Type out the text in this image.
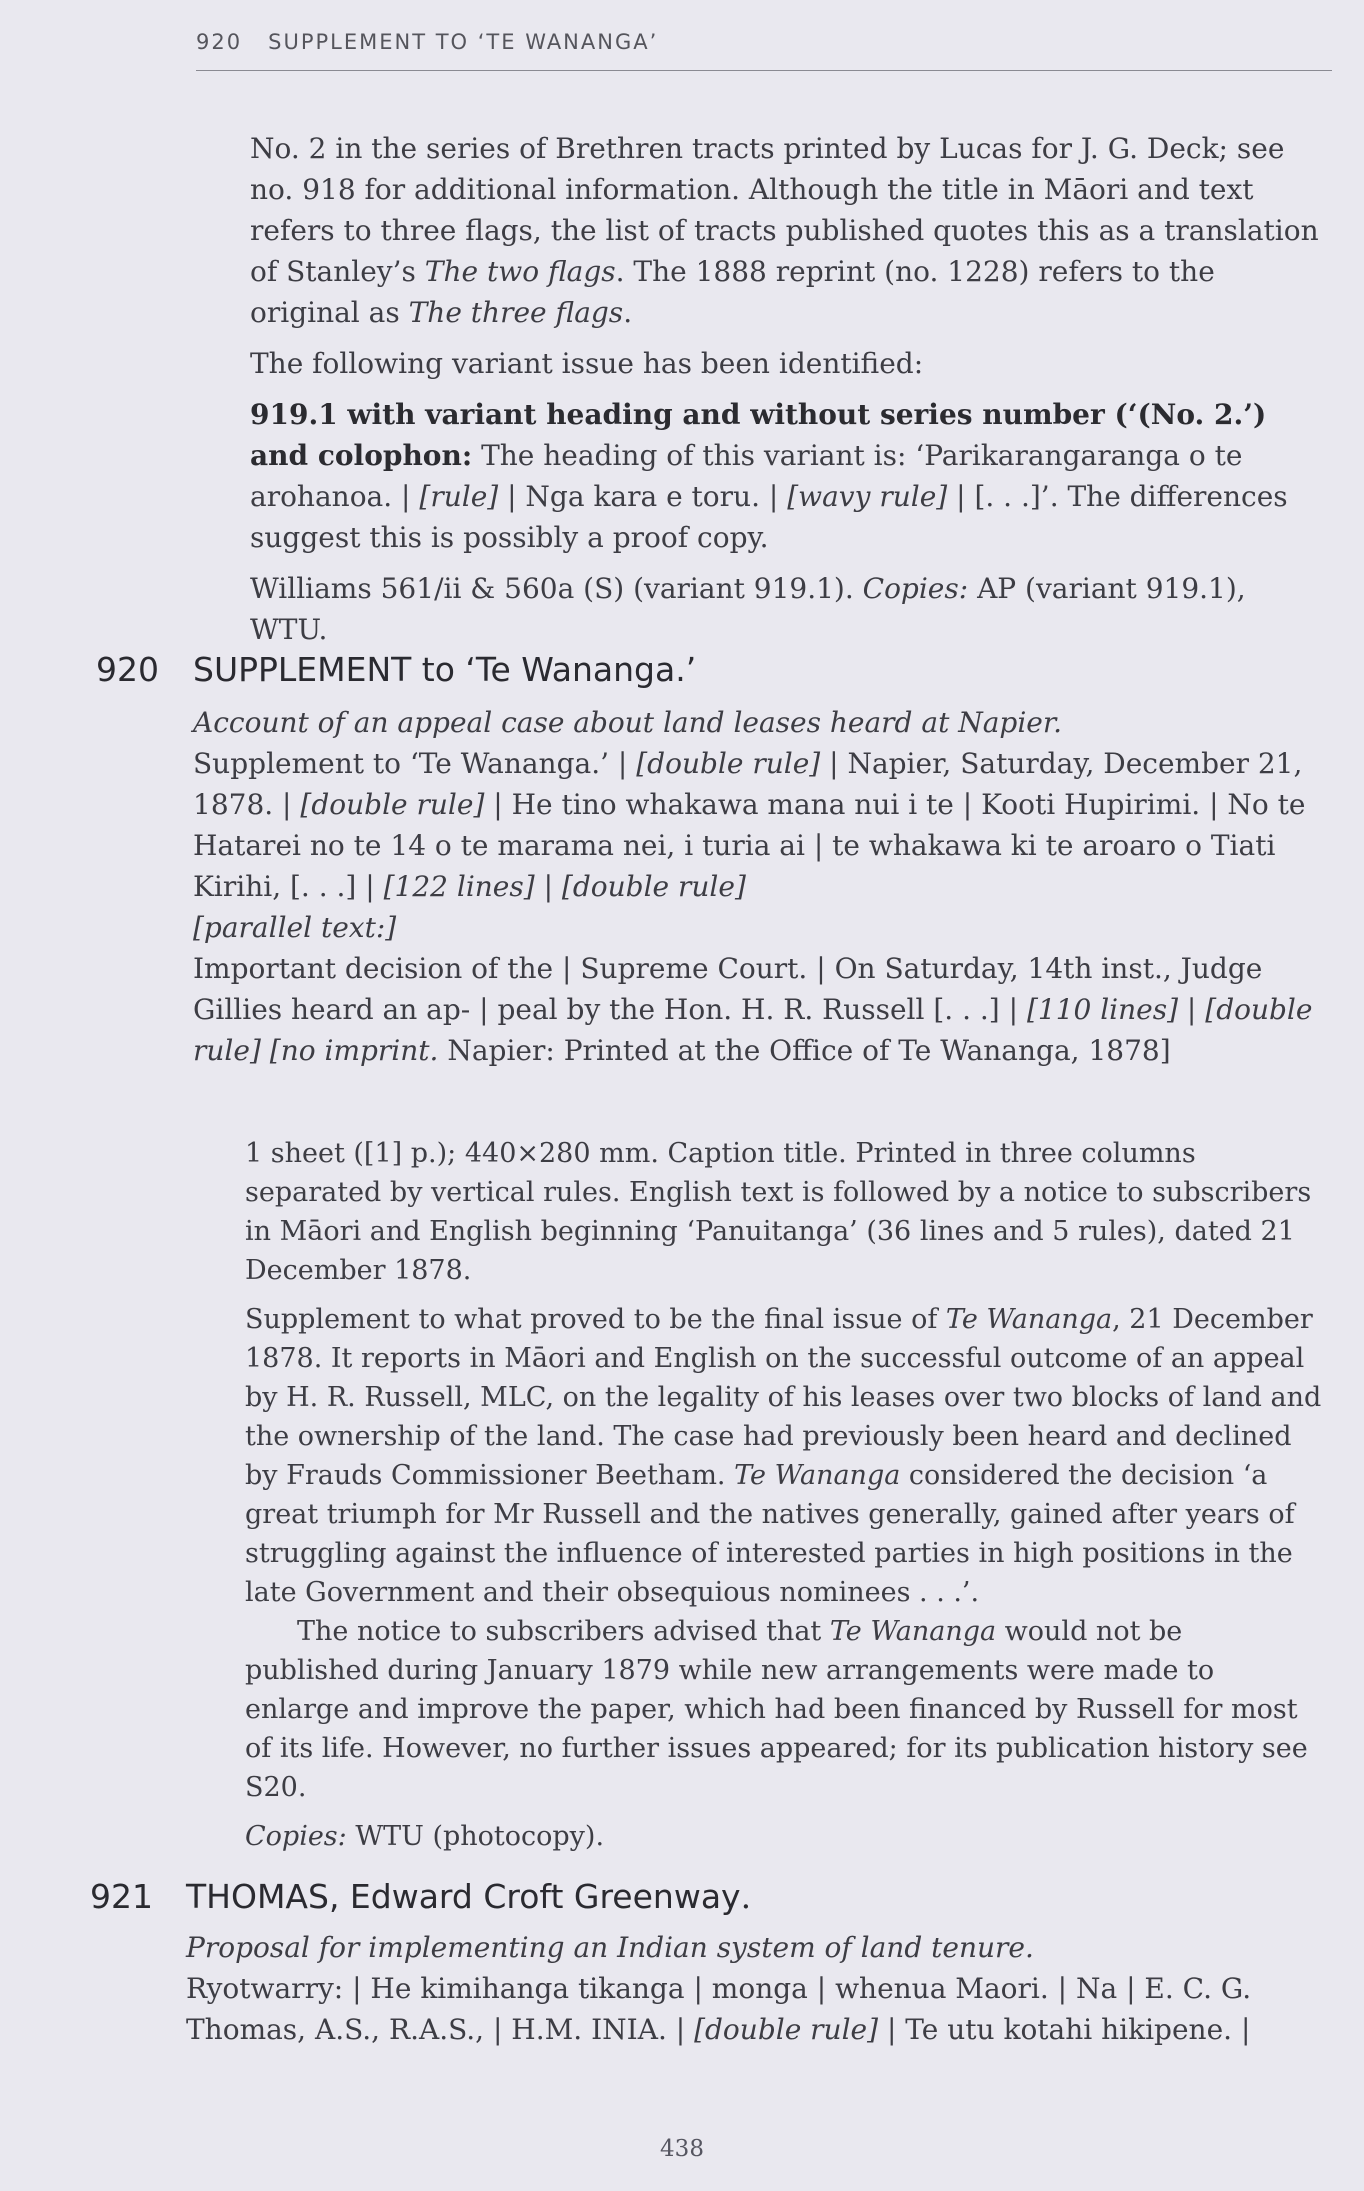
920 SUPPLEMENT TO ‘TE WANANGA’

No. 2 in the series of Brethren tracts printed by Lucas for J. G. Deck; see no. 918 for additional information. Although the title in Māori and text refers to three flags, the list of tracts published quotes this as a translation of Stanley’s The two flags. The 1888 reprint (no. 1228) refers to the original as The three flags.

The following variant issue has been identified:

919.1 with variant heading and without series number (‘(No. 2.’) and colophon: The heading of this variant is: ‘Parikarangaranga o te arohanoa. | [rule] | Nga kara e toru. | [wavy rule] | [. . .]’. The differences suggest this is possibly a proof copy.

Williams 561/ii & 560a (S) (variant 919.1). Copies: AP (variant 919.1), WTU.

920 SUPPLEMENT to ‘Te Wananga.’

Account of an appeal case about land leases heard at Napier.

Supplement to ‘Te Wananga.’ | [double rule] | Napier, Saturday, December 21, 1878. | [double rule] | He tino whakawa mana nui i te | Kooti Hupirimi. | No te Hatarei no te 14 o te marama nei, i turia ai | te whakawa ki te aroaro o Tiati Kirihi, [. . .] | [122 lines] | [double rule]

[parallel text:]

Important decision of the | Supreme Court. | On Saturday, 14th inst., Judge Gillies heard an ap- | peal by the Hon. H. R. Russell [. . .] | [110 lines] | [double rule] [no imprint. Napier: Printed at the Office of Te Wananga, 1878]

1 sheet ([1] p.); 440×280 mm. Caption title. Printed in three columns separated by vertical rules. English text is followed by a notice to subscribers in Māori and English beginning ‘Panuitanga’ (36 lines and 5 rules), dated 21 December 1878.

Supplement to what proved to be the final issue of Te Wananga, 21 December 1878. It reports in Māori and English on the successful outcome of an appeal by H. R. Russell, MLC, on the legality of his leases over two blocks of land and the ownership of the land. The case had previously been heard and declined by Frauds Commissioner Beetham. Te Wananga considered the decision ‘a great triumph for Mr Russell and the natives generally, gained after years of struggling against the influence of interested parties in high positions in the late Government and their obsequious nominees . . .’.

The notice to subscribers advised that Te Wananga would not be published during January 1879 while new arrangements were made to enlarge and improve the paper, which had been financed by Russell for most of its life. However, no further issues appeared; for its publication history see S20.

Copies: WTU (photocopy).

921 THOMAS, Edward Croft Greenway.

Proposal for implementing an Indian system of land tenure.

Ryotwarry: | He kimihanga tikanga | monga | whenua Maori. | Na | E. C. G. Thomas, A.S., R.A.S., | H.M. INIA. | [double rule] | Te utu kotahi hikipene. |

438
